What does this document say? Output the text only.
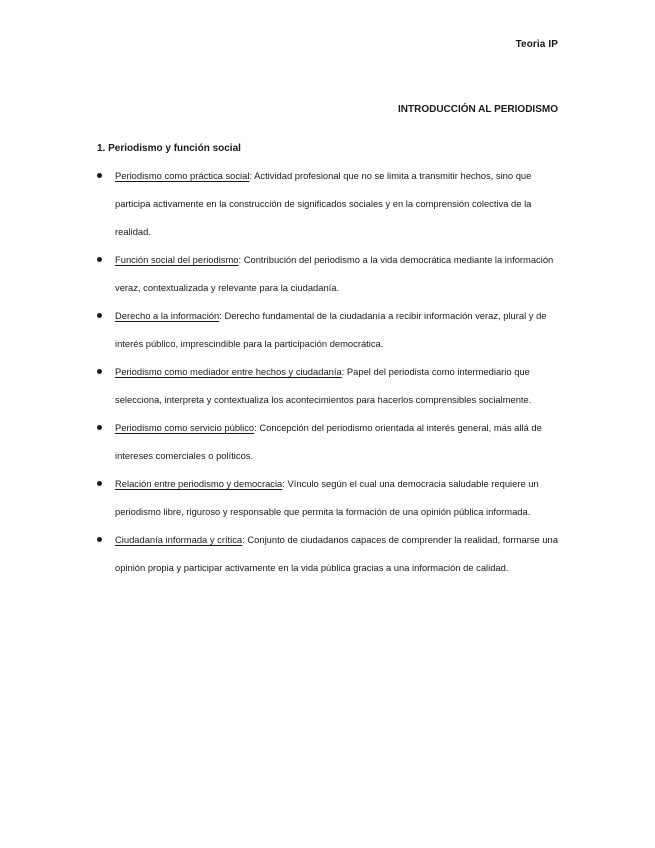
Teoria IP
INTRODUCCIÓN AL PERIODISMO
1. Periodismo y función social
Periodismo como práctica social: Actividad profesional que no se limita a transmitir hechos, sino que participa activamente en la construcción de significados sociales y en la comprensión colectiva de la realidad.
Función social del periodismo: Contribución del periodismo a la vida democrática mediante la información veraz, contextualizada y relevante para la ciudadanía.
Derecho a la información: Derecho fundamental de la ciudadanía a recibir información veraz, plural y de interés público, imprescindible para la participación democrática.
Periodismo como mediador entre hechos y ciudadanía: Papel del periodista como intermediario que selecciona, interpreta y contextualiza los acontecimientos para hacerlos comprensibles socialmente.
Periodismo como servicio público: Concepción del periodismo orientada al interés general, más allá de intereses comerciales o políticos.
Relación entre periodismo y democracia: Vínculo según el cual una democracia saludable requiere un periodismo libre, riguroso y responsable que permita la formación de una opinión pública informada.
Ciudadanía informada y crítica: Conjunto de ciudadanos capaces de comprender la realidad, formarse una opinión propia y participar activamente en la vida pública gracias a una información de calidad.
